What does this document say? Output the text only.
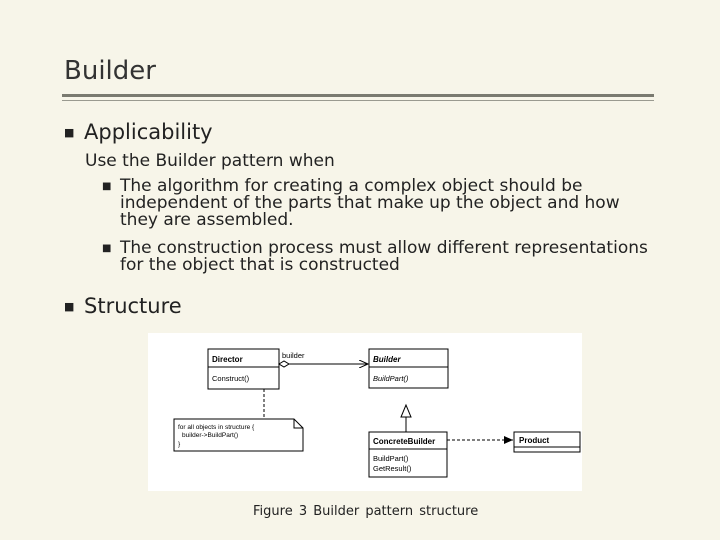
Builder
■ Applicability
Use the Builder pattern when
■ The algorithm for creating a complex object should be independent of the parts that make up the object and how they are assembled.
■ The construction process must allow different representations for the object that is constructed
■ Structure
Director
Construct()
builder	Builder
BuildPart()
for all objects in structure {
builder->BuildPart()
}	ConcreteBuilder
BuildPart()
GetResult()
Product
Figure 3 Builder pattern structure
